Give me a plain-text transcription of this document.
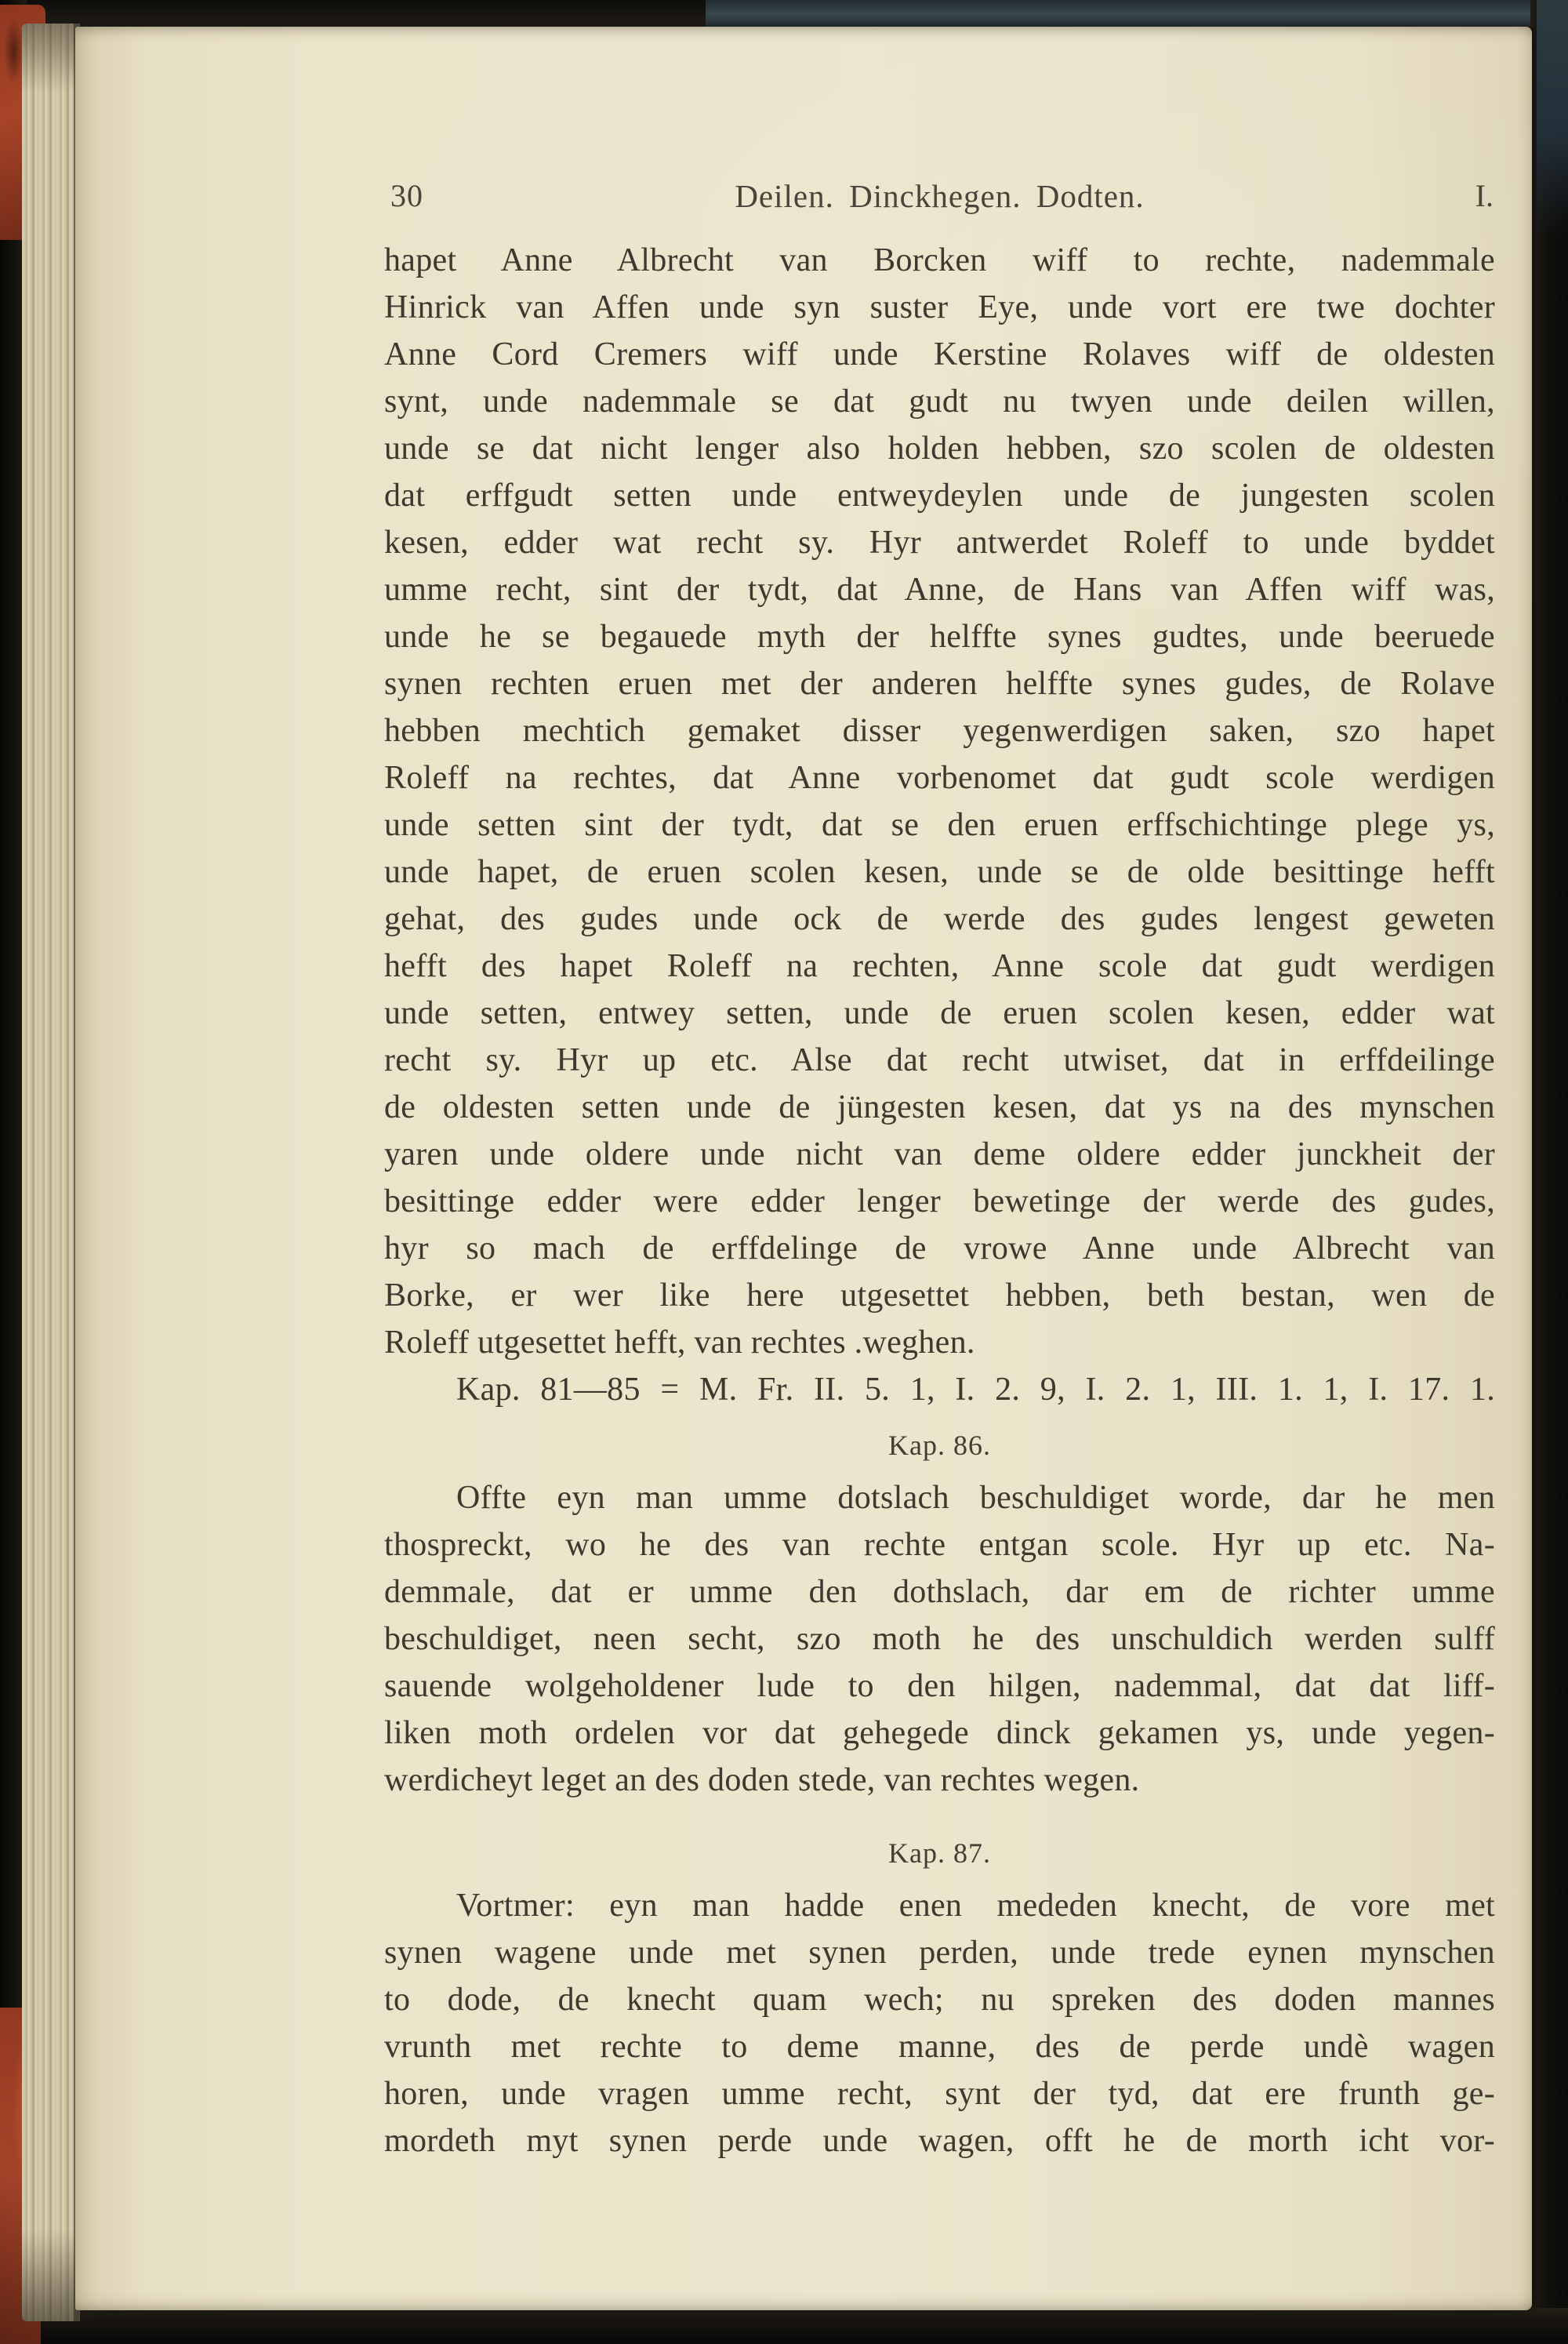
30	Deilen. Dinckhegen. Dodten.	I.
hapet Anne Albrecht van Borcken wiff to rechte, nademmale
Hinrick van Affen unde syn suster Eye, unde vort ere twe dochter
Anne Cord Cremers wiff unde Kerstine Rolaves wiff de oldesten
synt, unde nademmale se dat gudt nu twyen unde deilen willen,
unde se dat nicht lenger also holden hebben, szo scolen de oldesten
dat erffgudt setten unde entweydeylen unde de jungesten scolen
kesen, edder wat recht sy. Hyr antwerdet Roleff to unde byddet
umme recht, sint der tydt, dat Anne, de Hans van Affen wiff was,
unde he se begauede myth der helffte synes gudtes, unde beeruede
synen rechten eruen met der anderen helffte synes gudes, de Rolave
hebben mechtich gemaket disser yegenwerdigen saken, szo hapet
Roleff na rechtes, dat Anne vorbenomet dat gudt scole werdigen
unde setten sint der tydt, dat se den eruen erffschichtinge plege ys,
unde hapet, de eruen scolen kesen, unde se de olde besittinge hefft
gehat, des gudes unde ock de werde des gudes lengest geweten
hefft des hapet Roleff na rechten, Anne scole dat gudt werdigen
unde setten, entwey setten, unde de eruen scolen kesen, edder wat
recht sy. Hyr up etc. Alse dat recht utwiset, dat in erffdeilinge
de oldesten setten unde de jüngesten kesen, dat ys na des mynschen
yaren unde oldere unde nicht van deme oldere edder junckheit der
besittinge edder were edder lenger bewetinge der werde des gudes,
hyr so mach de erffdelinge de vrowe Anne unde Albrecht van
Borke, er wer like here utgesettet hebben, beth bestan, wen de
Roleff utgesettet hefft, van rechtes .weghen.
Kap. 81—85 = M. Fr. II. 5. 1, I. 2. 9, I. 2. 1, III. 1. 1, I. 17. 1.
Kap. 86.
Offte eyn man umme dotslach beschuldiget worde, dar he men
thospreckt, wo he des van rechte entgan scole. Hyr up etc. Na-
demmale, dat er umme den dothslach, dar em de richter umme
beschuldiget, neen secht, szo moth he des unschuldich werden sulff
sauende wolgeholdener lude to den hilgen, nademmal, dat dat liff-
liken moth ordelen vor dat gehegede dinck gekamen ys, unde yegen-
werdicheyt leget an des doden stede, van rechtes wegen.
Kap. 87.
Vortmer: eyn man hadde enen mededen knecht, de vore met
synen wagene unde met synen perden, unde trede eynen mynschen
to dode, de knecht quam wech; nu spreken des doden mannes
vrunth met rechte to deme manne, des de perde undè wagen
horen, unde vragen umme recht, synt der tyd, dat ere frunth ge-
mordeth myt synen perde unde wagen, offt he de morth icht vor-
